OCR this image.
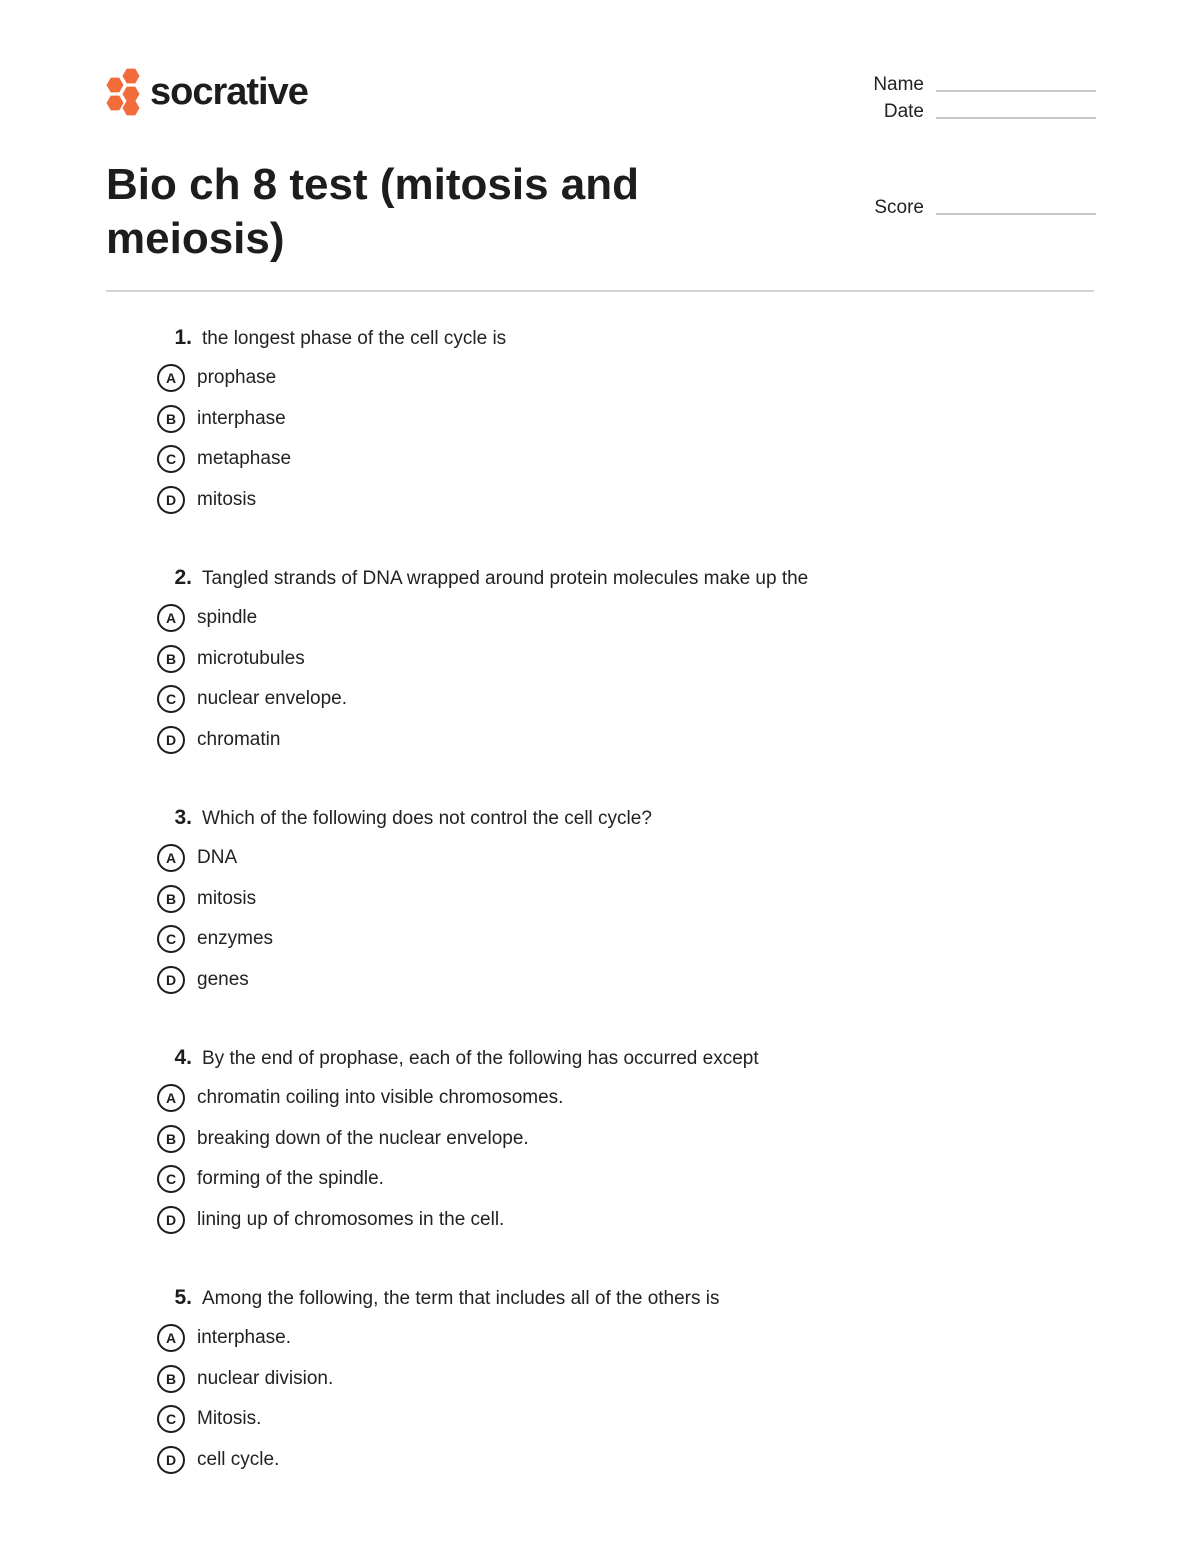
socrative	Name
Date
Score
Bio ch 8 test (mitosis and meiosis)
1. the longest phase of the cell cycle is
A	prophase
B	interphase
C	metaphase
D	mitosis
2. Tangled strands of DNA wrapped around protein molecules make up the
A	spindle
B	microtubules
C	nuclear envelope.
D	chromatin
3. Which of the following does not control the cell cycle?
A	DNA
B	mitosis
C	enzymes
D	genes
4. By the end of prophase, each of the following has occurred except
A	chromatin coiling into visible chromosomes.
B	breaking down of the nuclear envelope.
C	forming of the spindle.
D	lining up of chromosomes in the cell.
5. Among the following, the term that includes all of the others is
A	interphase.
B	nuclear division.
C	Mitosis.
D	cell cycle.
